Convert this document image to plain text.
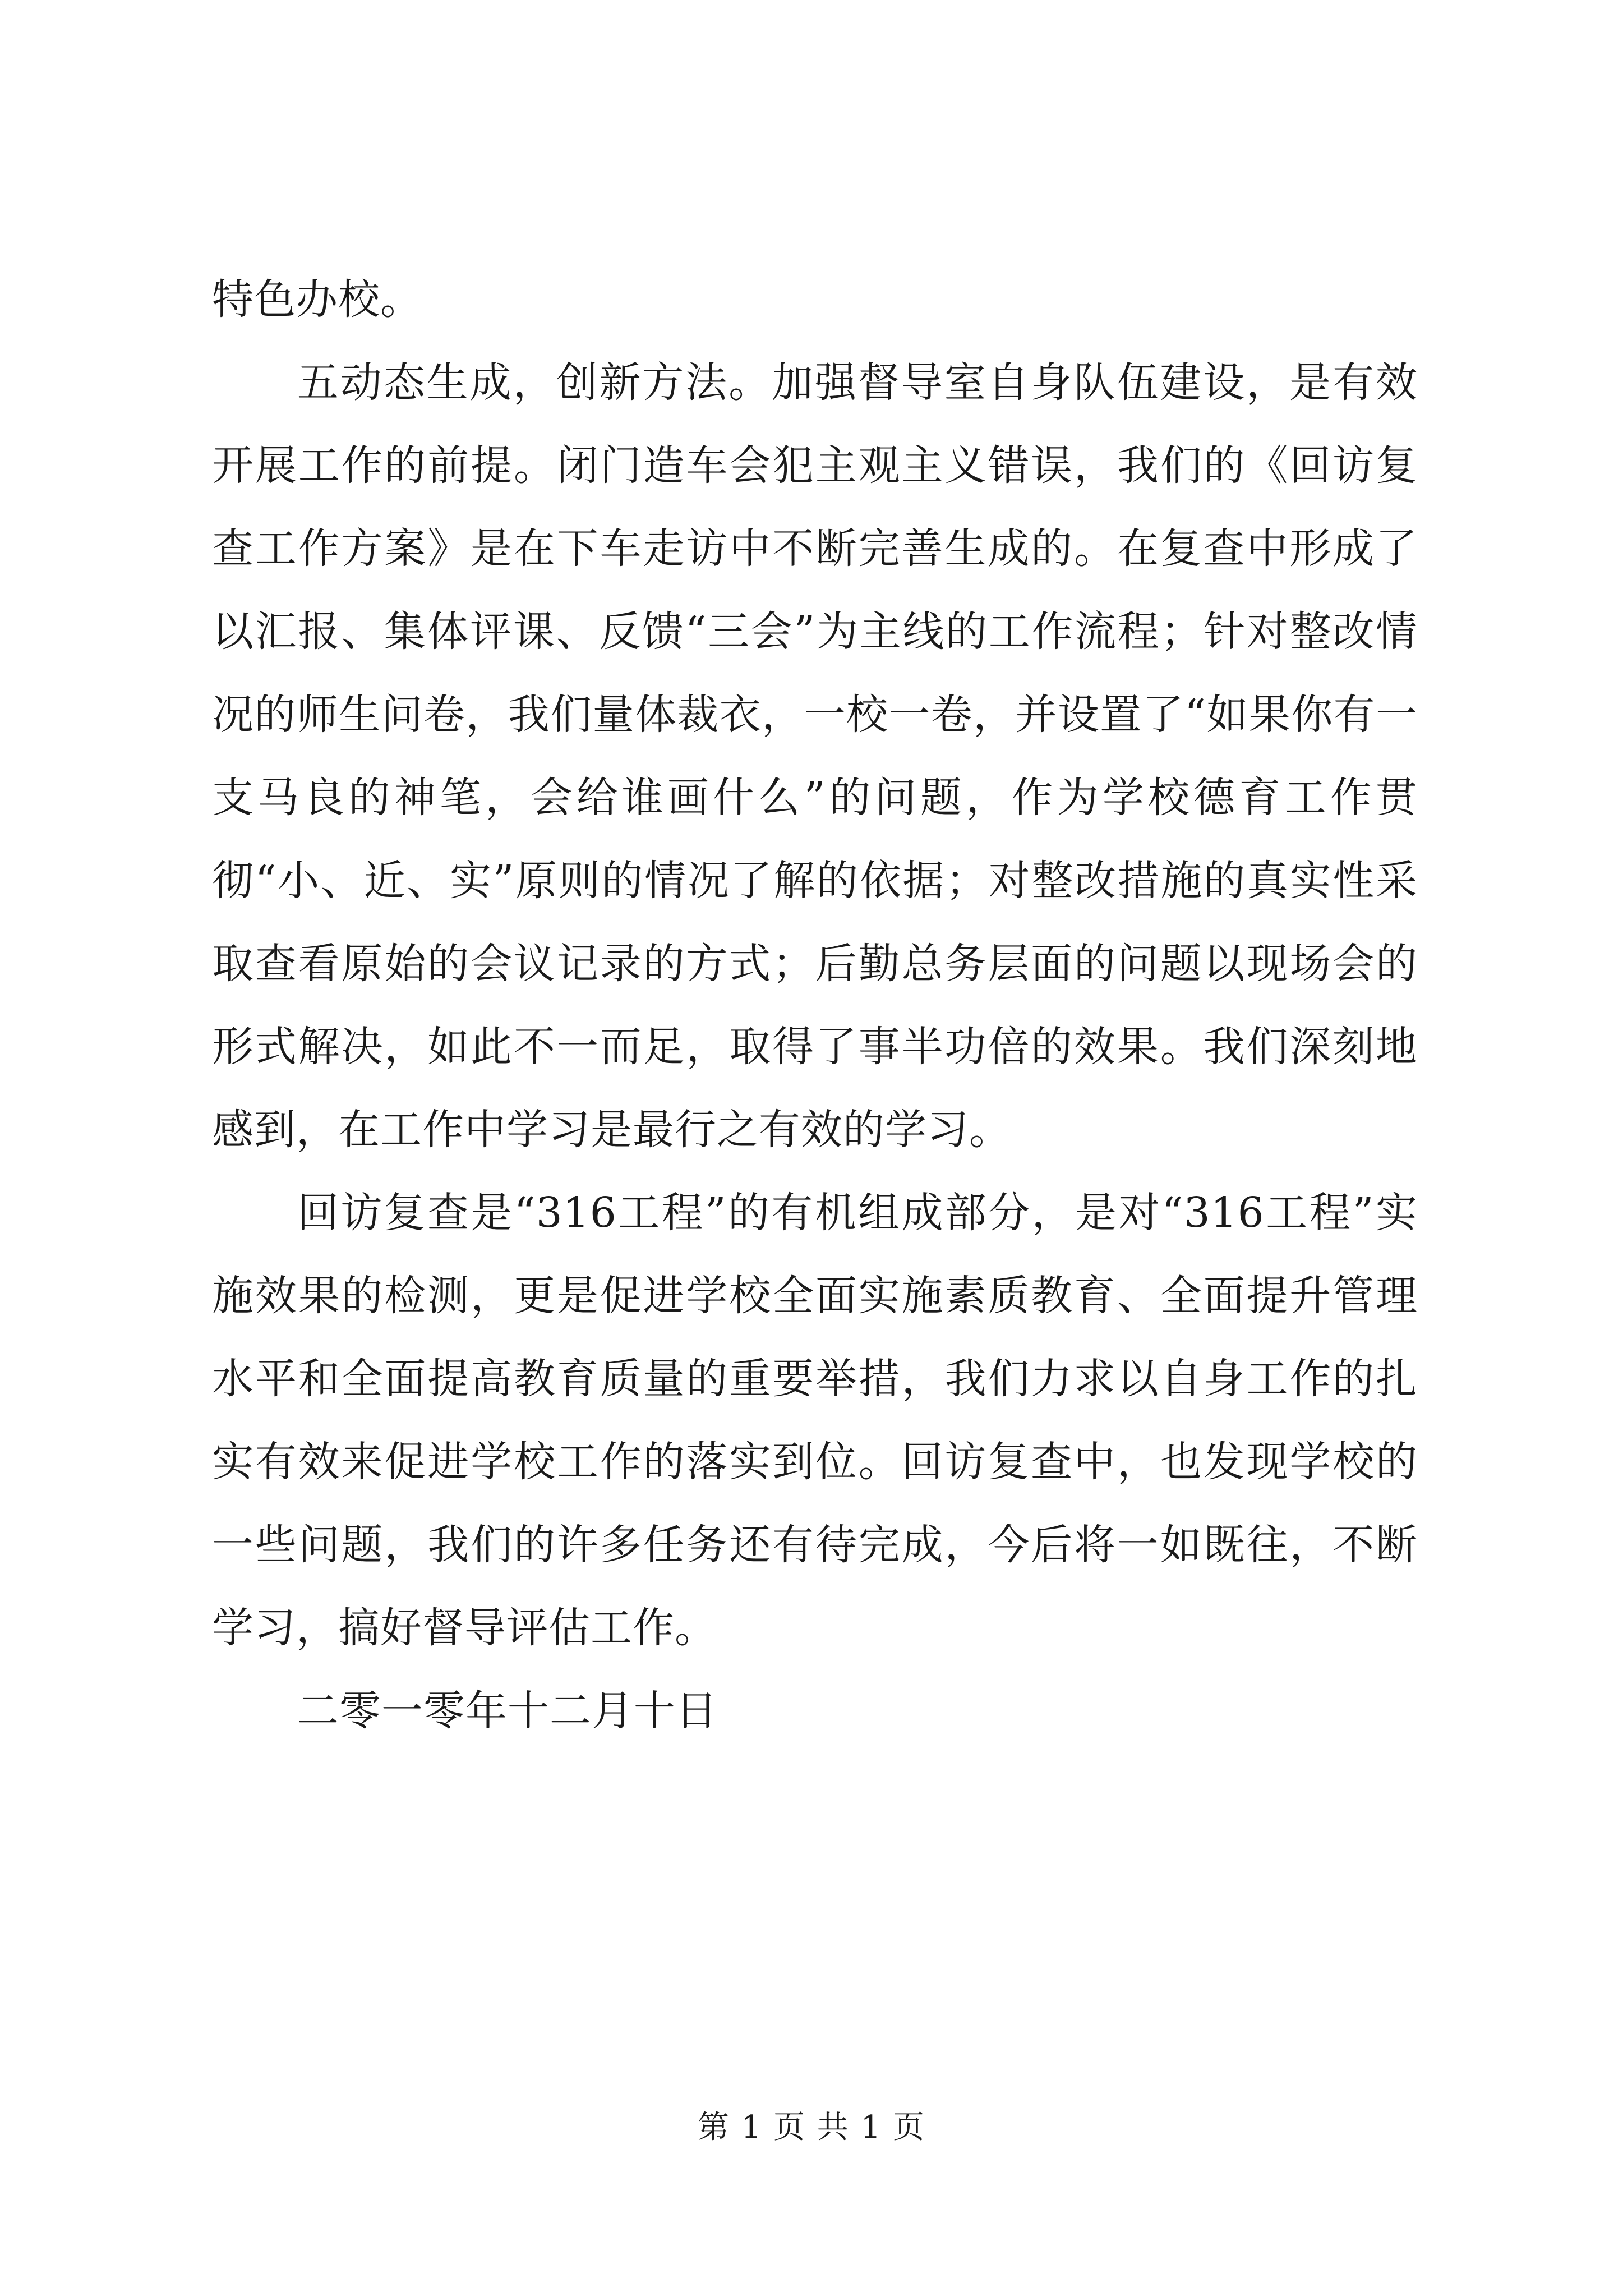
特色办校。

五动态生成，创新方法。加强督导室自身队伍建设，是有效开展工作的前提。闭门造车会犯主观主义错误，我们的《回访复查工作方案》是在下车走访中不断完善生成的。在复查中形成了以汇报、集体评课、反馈“三会”为主线的工作流程；针对整改情况的师生问卷，我们量体裁衣，一校一卷，并设置了“如果你有一支马良的神笔，会给谁画什么”的问题，作为学校德育工作贯彻“小、近、实”原则的情况了解的依据；对整改措施的真实性采取查看原始的会议记录的方式；后勤总务层面的问题以现场会的形式解决，如此不一而足，取得了事半功倍的效果。我们深刻地感到，在工作中学习是最行之有效的学习。

回访复查是“316工程”的有机组成部分，是对“316工程”实施效果的检测，更是促进学校全面实施素质教育、全面提升管理水平和全面提高教育质量的重要举措，我们力求以自身工作的扎实有效来促进学校工作的落实到位。回访复查中，也发现学校的一些问题，我们的许多任务还有待完成，今后将一如既往，不断学习，搞好督导评估工作。

二零一零年十二月十日

第 1 页 共 1 页
